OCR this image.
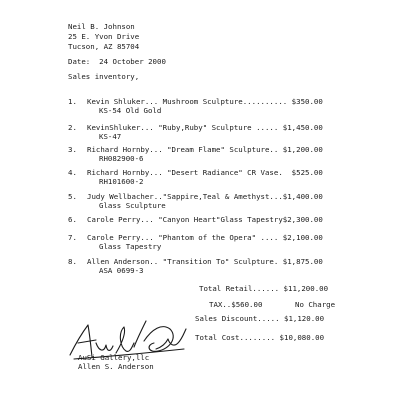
Neil B. Johnson
25 E. Yvon Drive
Tucson, AZ 85704
Date:  24 October 2000
Sales inventory,
1. Kevin Shluker... Mushroom Sculpture.......... $350.00
KS-54 Old Gold
2. KevinShluker... "Ruby,Ruby" Sculpture ..... $1,450.00
KS-47
3. Richard Hornby... "Dream Flame" Sculpture.. $1,200.00
RH082900-6
4. Richard Hornby... "Desert Radiance" CR Vase.  $525.00
RH101600-2
5. Judy Wellbacher.."Sappire,Teal & Amethyst...$1,400.00
Glass Sculpture
6. Carole Perry... "Canyon Heart"Glass Tapestry$2,300.00
7. Carole Perry... "Phantom of the Opera" .... $2,100.00
Glass Tapestry
8. Allen Anderson.. "Transition To" Sculpture. $1,875.00
ASA 0699-3
Total Retail...... $11,200.00
TAX..$560.00	No Charge
Sales Discount..... $1,120.00
Total Cost........ $10,080.00
AuSi Gallery,llc
Allen S. Anderson
